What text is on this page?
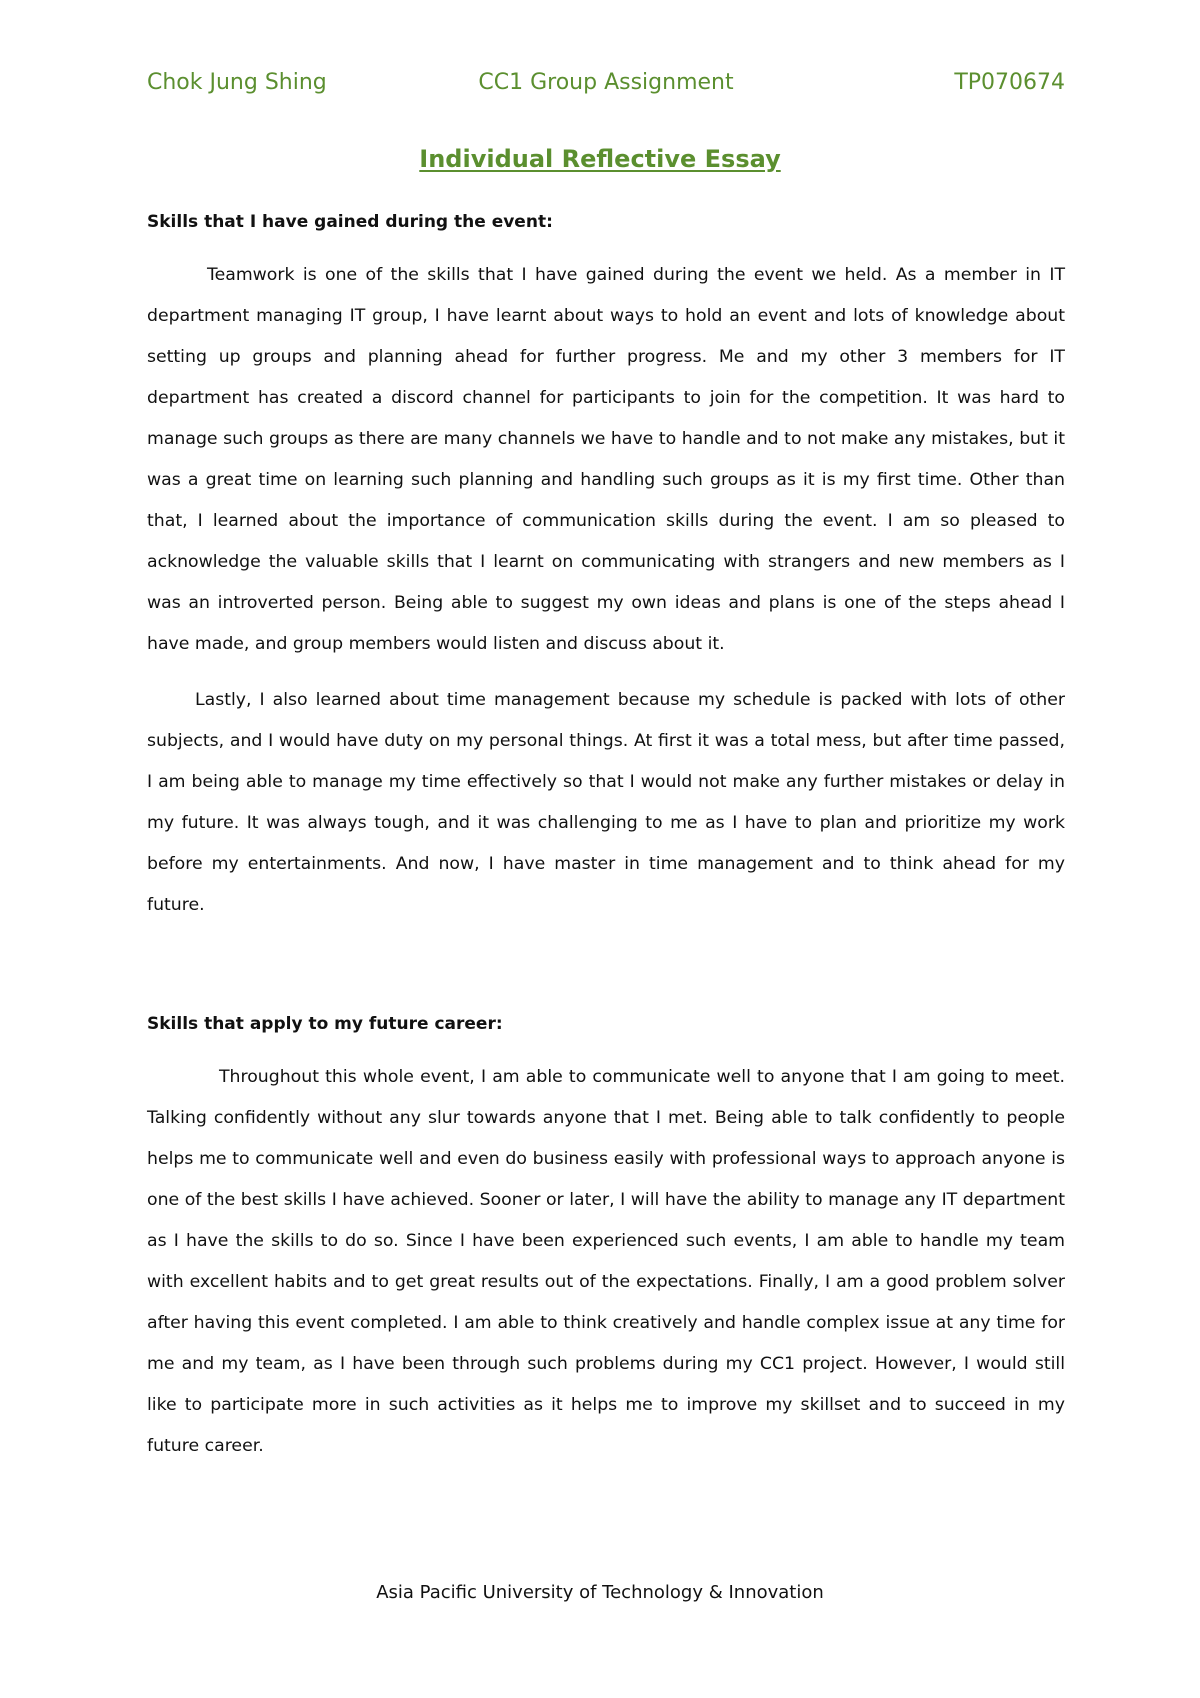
Chok Jung Shing	CC1 Group Assignment	TP070674
Individual Reflective Essay

Skills that I have gained during the event:

Teamwork is one of the skills that I have gained during the event we held. As a member in IT department managing IT group, I have learnt about ways to hold an event and lots of knowledge about setting up groups and planning ahead for further progress. Me and my other 3 members for IT department has created a discord channel for participants to join for the competition. It was hard to manage such groups as there are many channels we have to handle and to not make any mistakes, but it was a great time on learning such planning and handling such groups as it is my first time. Other than that, I learned about the importance of communication skills during the event. I am so pleased to acknowledge the valuable skills that I learnt on communicating with strangers and new members as I was an introverted person. Being able to suggest my own ideas and plans is one of the steps ahead I have made, and group members would listen and discuss about it.

Lastly, I also learned about time management because my schedule is packed with lots of other subjects, and I would have duty on my personal things. At first it was a total mess, but after time passed, I am being able to manage my time effectively so that I would not make any further mistakes or delay in my future. It was always tough, and it was challenging to me as I have to plan and prioritize my work before my entertainments. And now, I have master in time management and to think ahead for my future.

Skills that apply to my future career:

Throughout this whole event, I am able to communicate well to anyone that I am going to meet. Talking confidently without any slur towards anyone that I met. Being able to talk confidently to people helps me to communicate well and even do business easily with professional ways to approach anyone is one of the best skills I have achieved. Sooner or later, I will have the ability to manage any IT department as I have the skills to do so. Since I have been experienced such events, I am able to handle my team with excellent habits and to get great results out of the expectations. Finally, I am a good problem solver after having this event completed. I am able to think creatively and handle complex issue at any time for me and my team, as I have been through such problems during my CC1 project. However, I would still like to participate more in such activities as it helps me to improve my skillset and to succeed in my future career.

Asia Pacific University of Technology & Innovation
